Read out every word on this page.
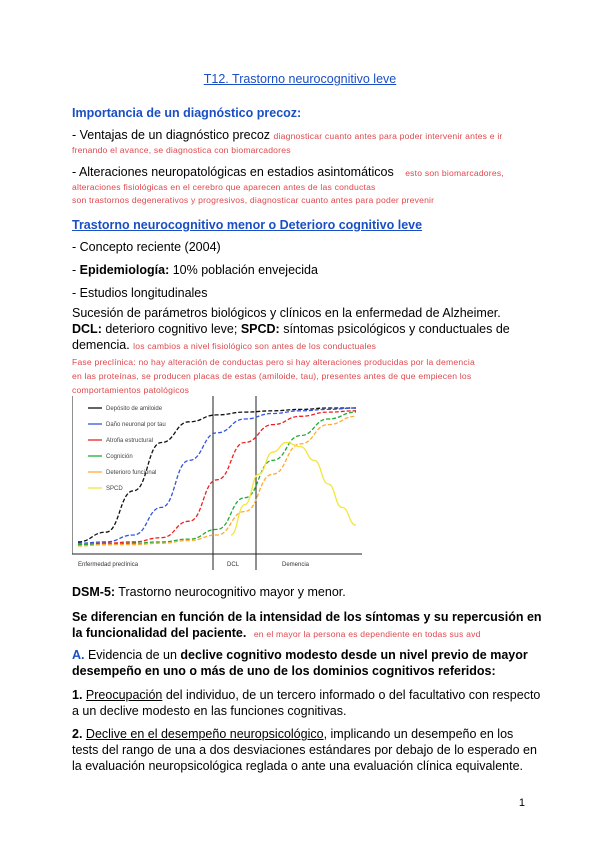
T12. Trastorno neurocognitivo leve
Importancia de un diagnóstico precoz:
- Ventajas de un diagnóstico precoz diagnosticar cuanto antes para poder intervenir antes e ir
frenando el avance, se diagnostica con biomarcadores
- Alteraciones neuropatológicas en estadios asintomáticos esto son biomarcadores,
alteraciones fisiológicas en el cerebro que aparecen antes de las conductas
son trastornos degenerativos y progresivos, diagnosticar cuanto antes para poder prevenir
Trastorno neurocognitivo menor o Deterioro cognitivo leve
- Concepto reciente (2004)
- Epidemiología: 10% población envejecida
- Estudios longitudinales
Sucesión de parámetros biológicos y clínicos en la enfermedad de Alzheimer.
DCL: deterioro cognitivo leve; SPCD: síntomas psicológicos y conductuales de
demencia. los cambios a nivel fisiológico son antes de los conductuales
Fase preclínica: no hay alteración de conductas pero si hay alteraciones producidas por la demencia
en las proteínas, se producen placas de estas (amiloide, tau), presentes antes de que empiecen los
comportamientos patológicos
Depósito de amiloide
Daño neuronal por tau
Atrofia estructural
Cognición
Deterioro funcional
SPCD
Enfermedad preclínica	DCL	Demencia
DSM-5: Trastorno neurocognitivo mayor y menor.
Se diferencian en función de la intensidad de los síntomas y su repercusión en
la funcionalidad del paciente. en el mayor la persona es dependiente en todas sus avd
A. Evidencia de un declive cognitivo modesto desde un nivel previo de mayor
desempeño en uno o más de uno de los dominios cognitivos referidos:
1. Preocupación del individuo, de un tercero informado o del facultativo con respecto
a un declive modesto en las funciones cognitivas.
2. Declive en el desempeño neuropsicológico, implicando un desempeño en los
tests del rango de una a dos desviaciones estándares por debajo de lo esperado en
la evaluación neuropsicológica reglada o ante una evaluación clínica equivalente.
1
